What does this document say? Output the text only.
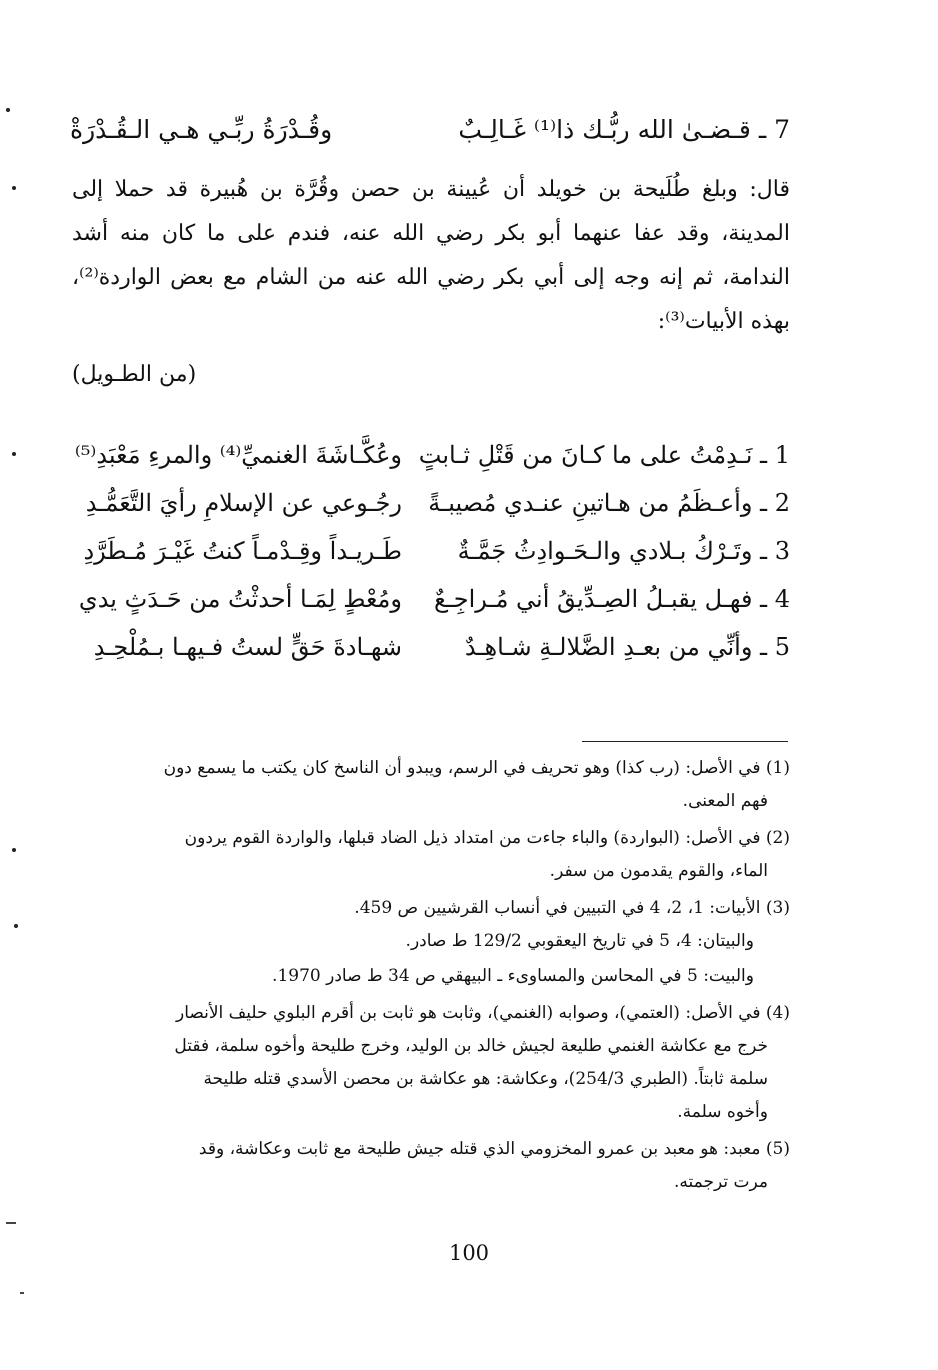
7 ـ قـضـىٰ الله ربُّـك ذا⁽¹⁾ غَـالِـبٌ
وقُـدْرَةُ ربِّـي هـي الـقُـدْرَةْ

قال: وبلغ طُلَيحة بن خويلد أن عُيينة بن حصن وقُرَّة بن هُبيرة قد حملا إلى المدينة، وقد عفا عنهما أبو بكر رضي الله عنه، فندم على ما كان منه أشد الندامة، ثم إنه وجه إلى أبي بكر رضي الله عنه من الشام مع بعض الواردة⁽²⁾، بهذه الأبيات⁽³⁾:

(من الطـويل)
1 ـ نَـدِمْتُ على ما كـانَ من قَتْلِ ثـابتٍ
وعُكَّـاشَةَ الغنميِّ⁽⁴⁾ والمرءِ مَعْبَدِ⁽⁵⁾
2 ـ وأعـظَمُ من هـاتينِ عنـدي مُصيبـةً
رجُـوعي عن الإسلامِ رأيَ التَّعَمُّـدِ
3 ـ وتَـرْكُ بـلادي والـحَـوادِثُ جَمَّـةٌ
طَـريـداً وقِـدْمـاً كنتُ غَيْـرَ مُـطَرَّدِ
4 ـ فهـل يقبـلُ الصِـدِّيقُ أني مُـراجِـعٌ
ومُعْطٍ لِمَـا أحدثْتُ من حَـدَثٍ يدي
5 ـ وأنِّي من بعـدِ الضَّلالـةِ شـاهِـدٌ
شهـادةَ حَقٍّ لستُ فـيهـا بـمُلْحِـدِ
(1) في الأصل: (رب كذا) وهو تحريف في الرسم، ويبدو أن الناسخ كان يكتب ما يسمع دون
فهم المعنى.
(2) في الأصل: (البواردة) والباء جاءت من امتداد ذيل الضاد قبلها، والواردة القوم يردون
الماء، والقوم يقدمون من سفر.
(3) الأبيات: 1، 2، 4 في التبيين في أنساب القرشيين ص 459.
والبيتان: 4، 5 في تاريخ اليعقوبي 129/2 ط صادر.
والبيت: 5 في المحاسن والمساوىء ـ البيهقي ص 34 ط صادر 1970.
(4) في الأصل: (العتمي)، وصوابه (الغنمي)، وثابت هو ثابت بن أقرم البلوي حليف الأنصار
خرج مع عكاشة الغنمي طليعة لجيش خالد بن الوليد، وخرج طليحة وأخوه سلمة، فقتل
سلمة ثابتاً. (الطبري 254/3)، وعكاشة: هو عكاشة بن محصن الأسدي قتله طليحة
وأخوه سلمة.
(5) معبد: هو معبد بن عمرو المخزومي الذي قتله جيش طليحة مع ثابت وعكاشة، وقد
مرت ترجمته.
100
